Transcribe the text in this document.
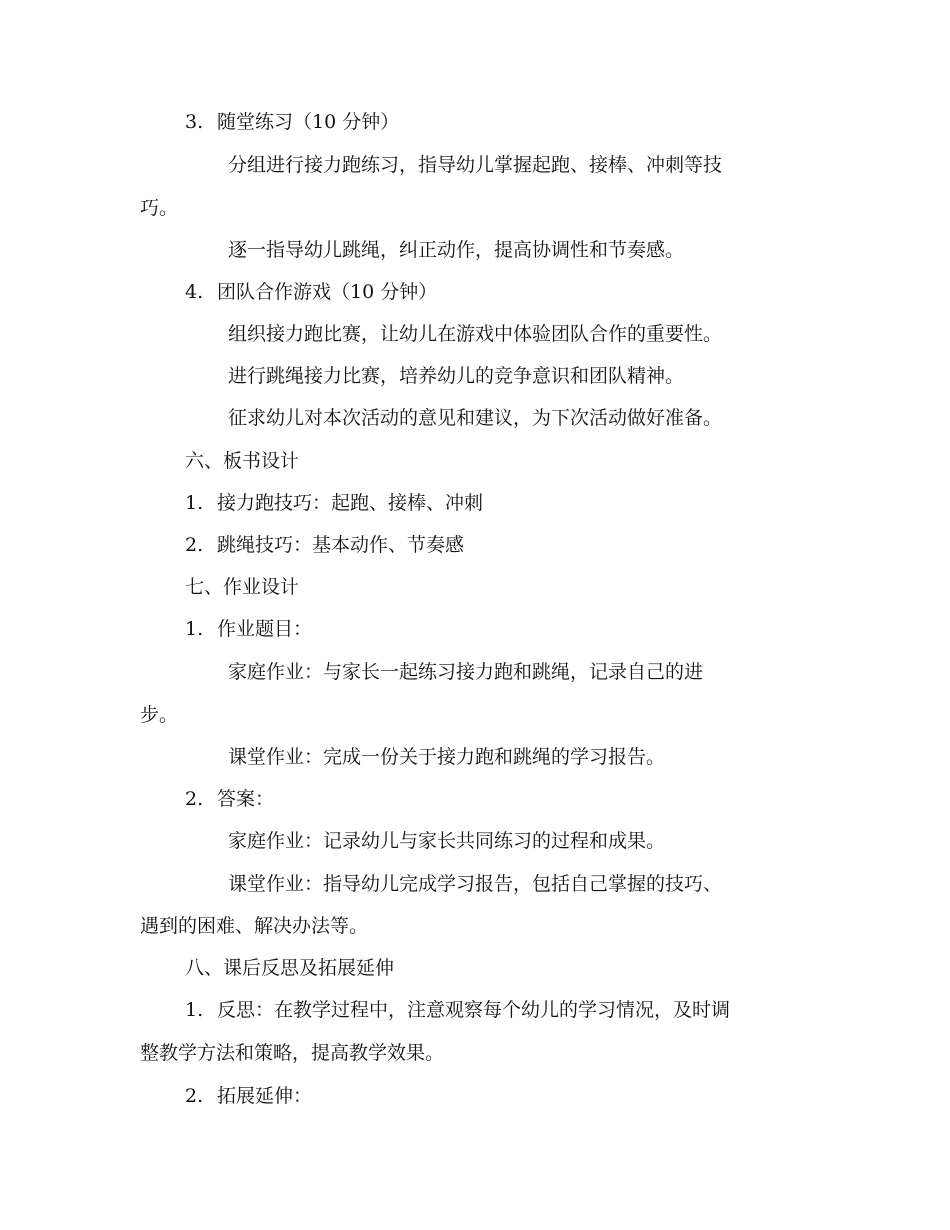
3. 随堂练习（10 分钟）
分组进行接力跑练习，指导幼儿掌握起跑、接棒、冲刺等技
巧。
逐一指导幼儿跳绳，纠正动作，提高协调性和节奏感。
4. 团队合作游戏（10 分钟）
组织接力跑比赛，让幼儿在游戏中体验团队合作的重要性。
进行跳绳接力比赛，培养幼儿的竞争意识和团队精神。
征求幼儿对本次活动的意见和建议，为下次活动做好准备。
六、板书设计
1. 接力跑技巧：起跑、接棒、冲刺
2. 跳绳技巧：基本动作、节奏感
七、作业设计
1. 作业题目：
家庭作业：与家长一起练习接力跑和跳绳，记录自己的进
步。
课堂作业：完成一份关于接力跑和跳绳的学习报告。
2. 答案：
家庭作业：记录幼儿与家长共同练习的过程和成果。
课堂作业：指导幼儿完成学习报告，包括自己掌握的技巧、
遇到的困难、解决办法等。
八、课后反思及拓展延伸
1. 反思：在教学过程中，注意观察每个幼儿的学习情况，及时调
整教学方法和策略，提高教学效果。
2. 拓展延伸：
